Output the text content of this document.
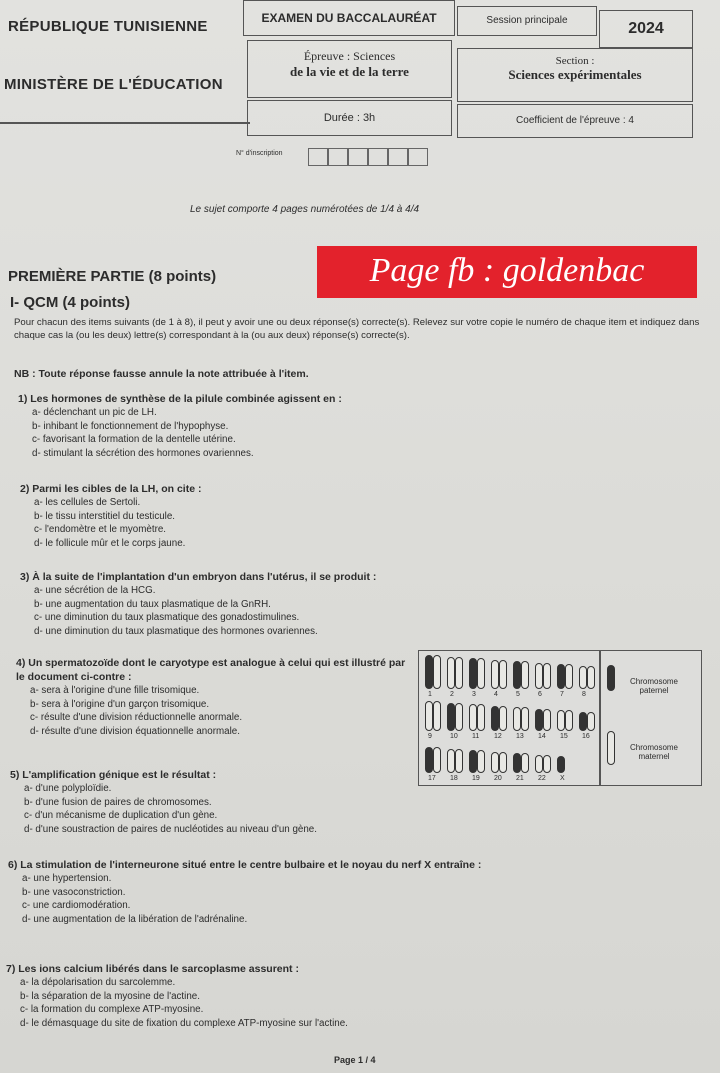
RÉPUBLIQUE TUNISIENNE
MINISTÈRE DE L'ÉDUCATION
EXAMEN DU BACCALAURÉAT	Session principale	2024
Épreuve : Sciences
de la vie et de la terre
Section :
Sciences expérimentales
Durée : 3h	Coefficient de l'épreuve : 4
N° d'inscription
Le sujet comporte 4 pages numérotées de 1/4 à 4/4
Page fb : goldenbac
PREMIÈRE PARTIE (8 points)
I- QCM (4 points)
Pour chacun des items suivants (de 1 à 8), il peut y avoir une ou deux réponse(s) correcte(s). Relevez sur votre copie le numéro de chaque item et indiquez dans chaque cas la (ou les deux) lettre(s) correspondant à la (ou aux deux) réponse(s) correcte(s).
NB : Toute réponse fausse annule la note attribuée à l'item.
1) Les hormones de synthèse de la pilule combinée agissent en :
a- déclenchant un pic de LH.
b- inhibant le fonctionnement de l'hypophyse.
c- favorisant la formation de la dentelle utérine.
d- stimulant la sécrétion des hormones ovariennes.
2) Parmi les cibles de la LH, on cite :
a- les cellules de Sertoli.
b- le tissu interstitiel du testicule.
c- l'endomètre et le myomètre.
d- le follicule mûr et le corps jaune.
3) À la suite de l'implantation d'un embryon dans l'utérus, il se produit :
a- une sécrétion de la HCG.
b- une augmentation du taux plasmatique de la GnRH.
c- une diminution du taux plasmatique des gonadostimulines.
d- une diminution du taux plasmatique des hormones ovariennes.
4) Un spermatozoïde dont le caryotype est analogue à celui qui est illustré par le document ci-contre :
a- sera à l'origine d'une fille trisomique.
b- sera à l'origine d'un garçon trisomique.
c- résulte d'une division réductionnelle anormale.
d- résulte d'une division équationnelle anormale.
1	2	3	4	5	6	7	8
9	10 11 12 13 14 15 16
17 18 19 20 21 22 X
Chromosome paternel
Chromosome maternel
5) L'amplification génique est le résultat :
a- d'une polyploïdie.
b- d'une fusion de paires de chromosomes.
c- d'un mécanisme de duplication d'un gène.
d- d'une soustraction de paires de nucléotides au niveau d'un gène.
6) La stimulation de l'interneurone situé entre le centre bulbaire et le noyau du nerf X entraîne :
a- une hypertension.
b- une vasoconstriction.
c- une cardiomodération.
d- une augmentation de la libération de l'adrénaline.
7) Les ions calcium libérés dans le sarcoplasme assurent :
a- la dépolarisation du sarcolemme.
b- la séparation de la myosine de l'actine.
c- la formation du complexe ATP-myosine.
d- le démasquage du site de fixation du complexe ATP-myosine sur l'actine.
Page 1 / 4
